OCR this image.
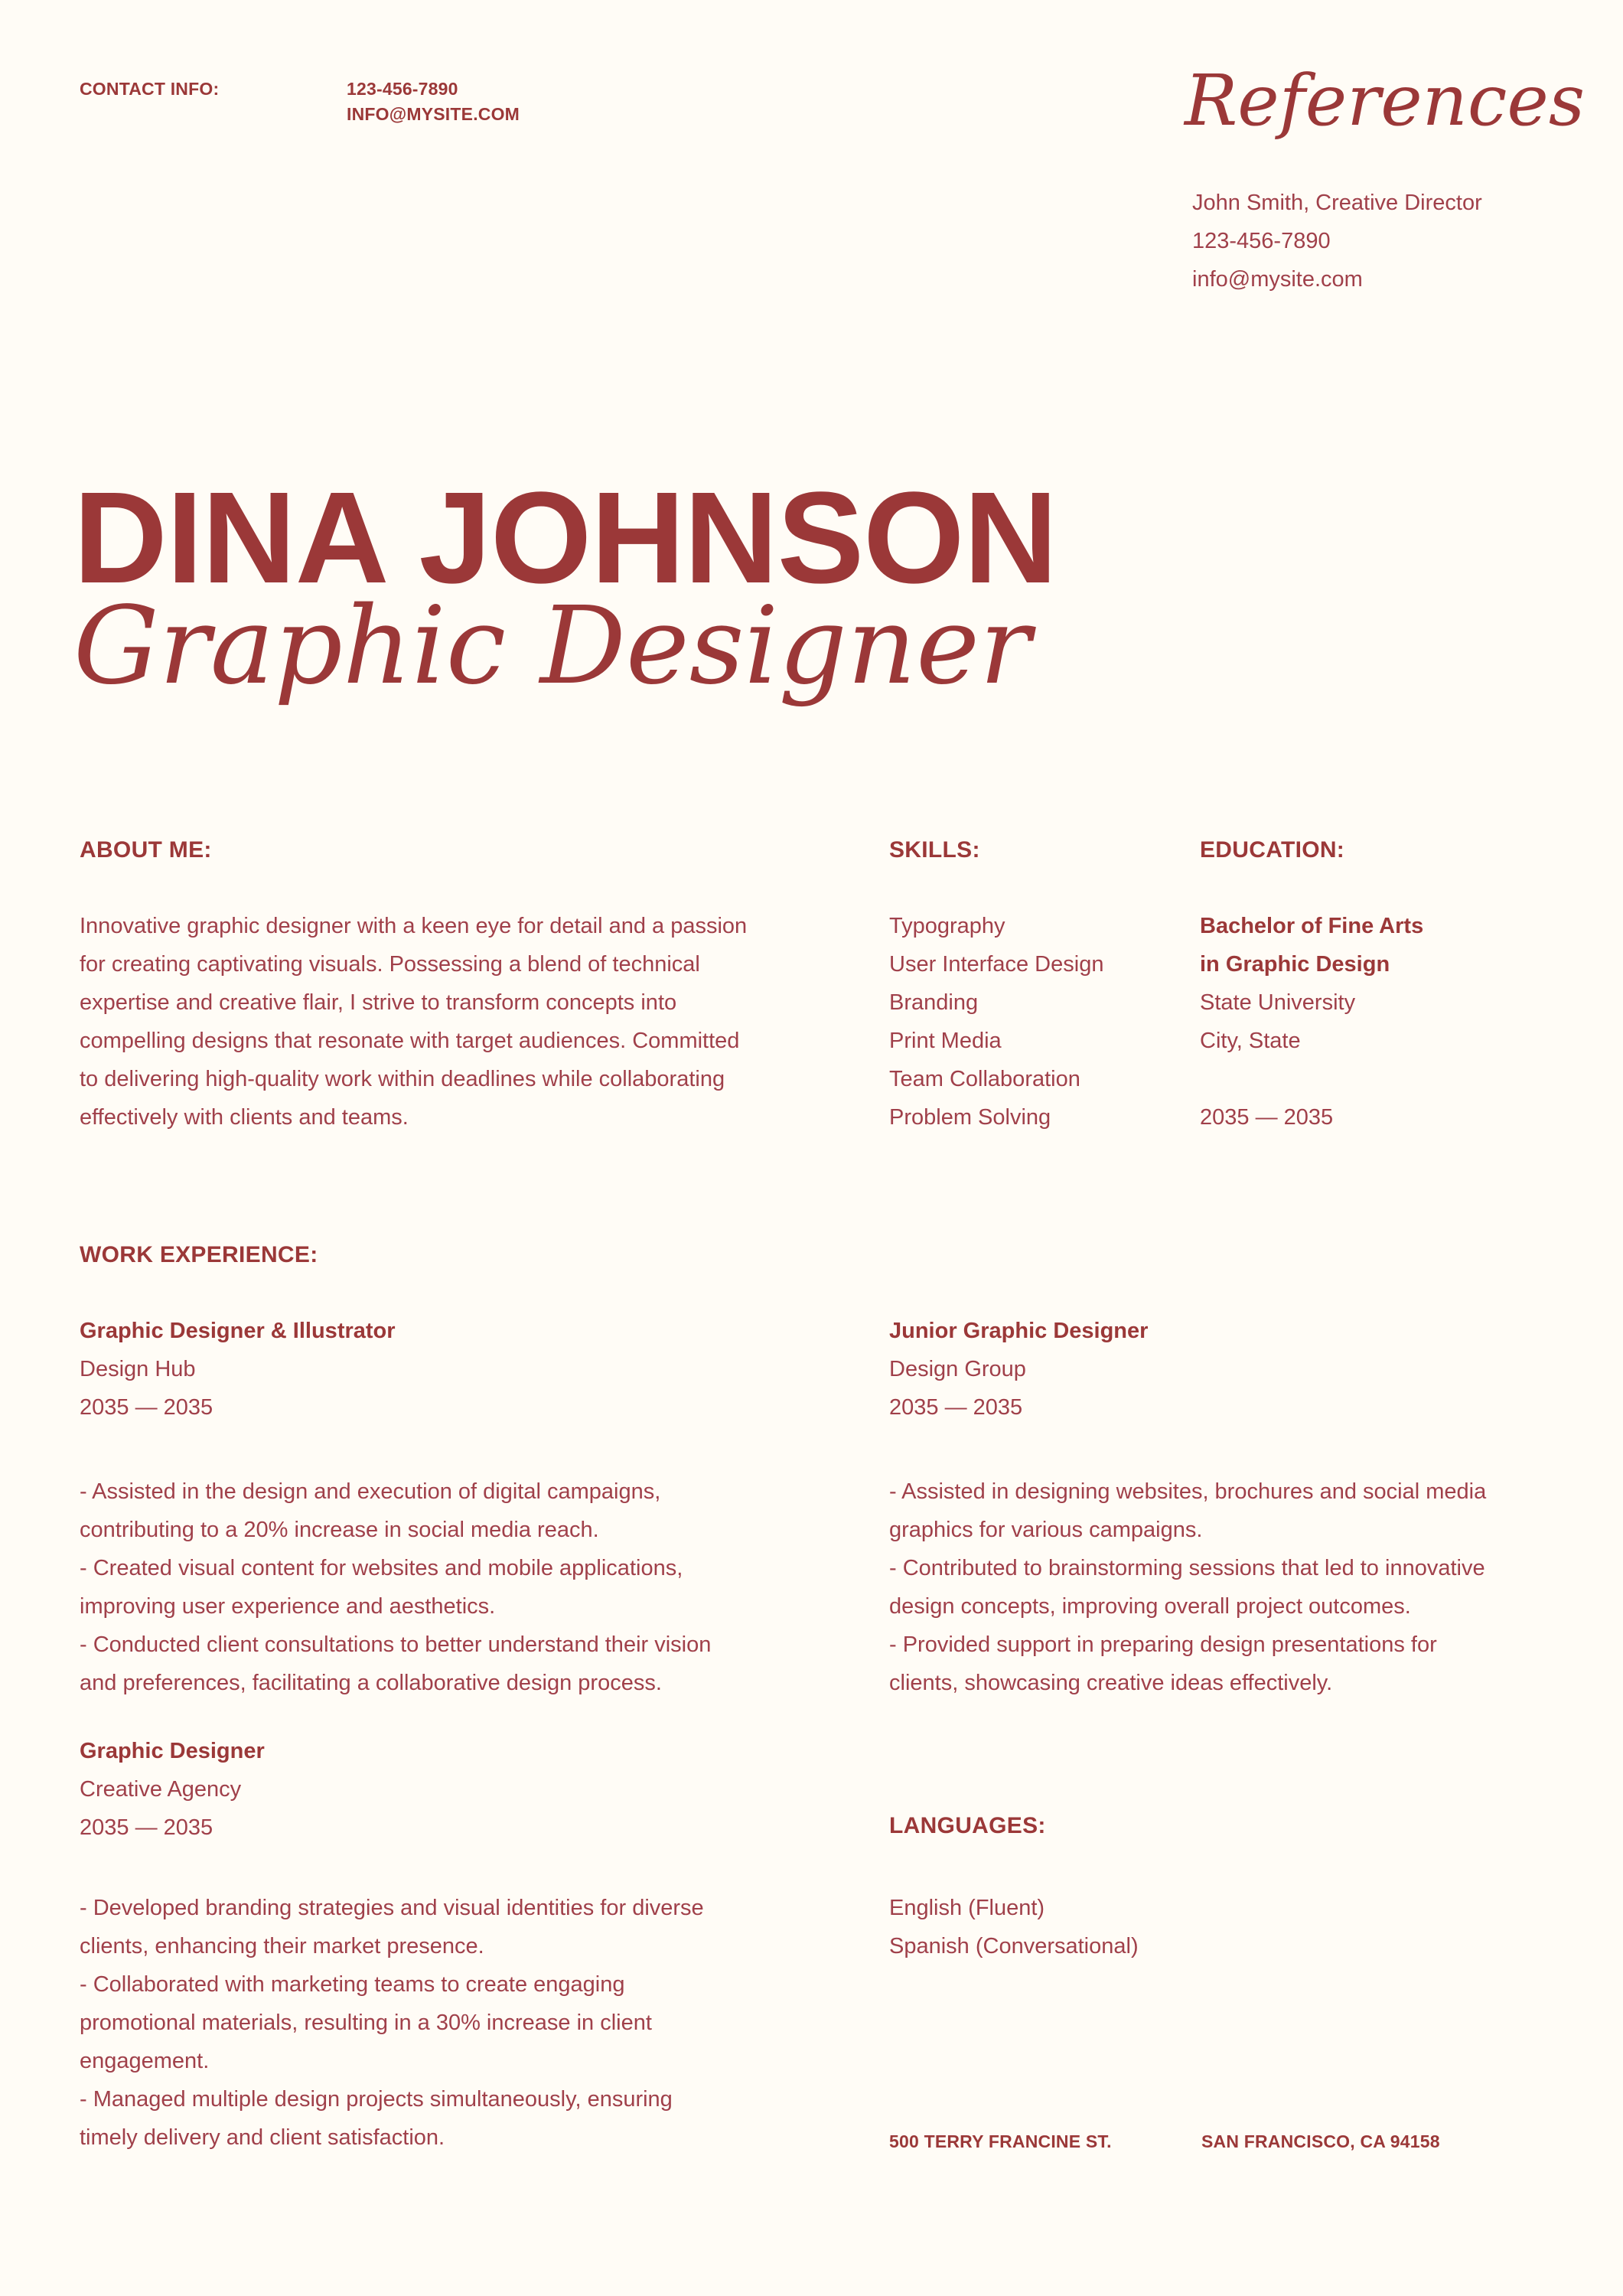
CONTACT INFO:	123-456-7890
INFO@MYSITE.COM	References
John Smith, Creative Director
123-456-7890
info@mysite.com
DINA JOHNSON
Graphic Designer
ABOUT ME:
Innovative graphic designer with a keen eye for detail and a passion
for creating captivating visuals. Possessing a blend of technical
expertise and creative flair, I strive to transform concepts into
compelling designs that resonate with target audiences. Committed
to delivering high-quality work within deadlines while collaborating
effectively with clients and teams.
SKILLS:
Typography
User Interface Design
Branding
Print Media
Team Collaboration
Problem Solving
EDUCATION:
Bachelor of Fine Arts
in Graphic Design
State University
City, State
2035 — 2035
WORK EXPERIENCE:
Graphic Designer & Illustrator
Design Hub
2035 — 2035
- Assisted in the design and execution of digital campaigns,
contributing to a 20% increase in social media reach.
- Created visual content for websites and mobile applications,
improving user experience and aesthetics.
- Conducted client consultations to better understand their vision
and preferences, facilitating a collaborative design process.
Junior Graphic Designer
Design Group
2035 — 2035
- Assisted in designing websites, brochures and social media
graphics for various campaigns.
- Contributed to brainstorming sessions that led to innovative
design concepts, improving overall project outcomes.
- Provided support in preparing design presentations for
clients, showcasing creative ideas effectively.
Graphic Designer
Creative Agency
2035 — 2035
- Developed branding strategies and visual identities for diverse
clients, enhancing their market presence.
- Collaborated with marketing teams to create engaging
promotional materials, resulting in a 30% increase in client
engagement.
- Managed multiple design projects simultaneously, ensuring
timely delivery and client satisfaction.
LANGUAGES:
English (Fluent)
Spanish (Conversational)
500 TERRY FRANCINE ST.	SAN FRANCISCO, CA 94158
